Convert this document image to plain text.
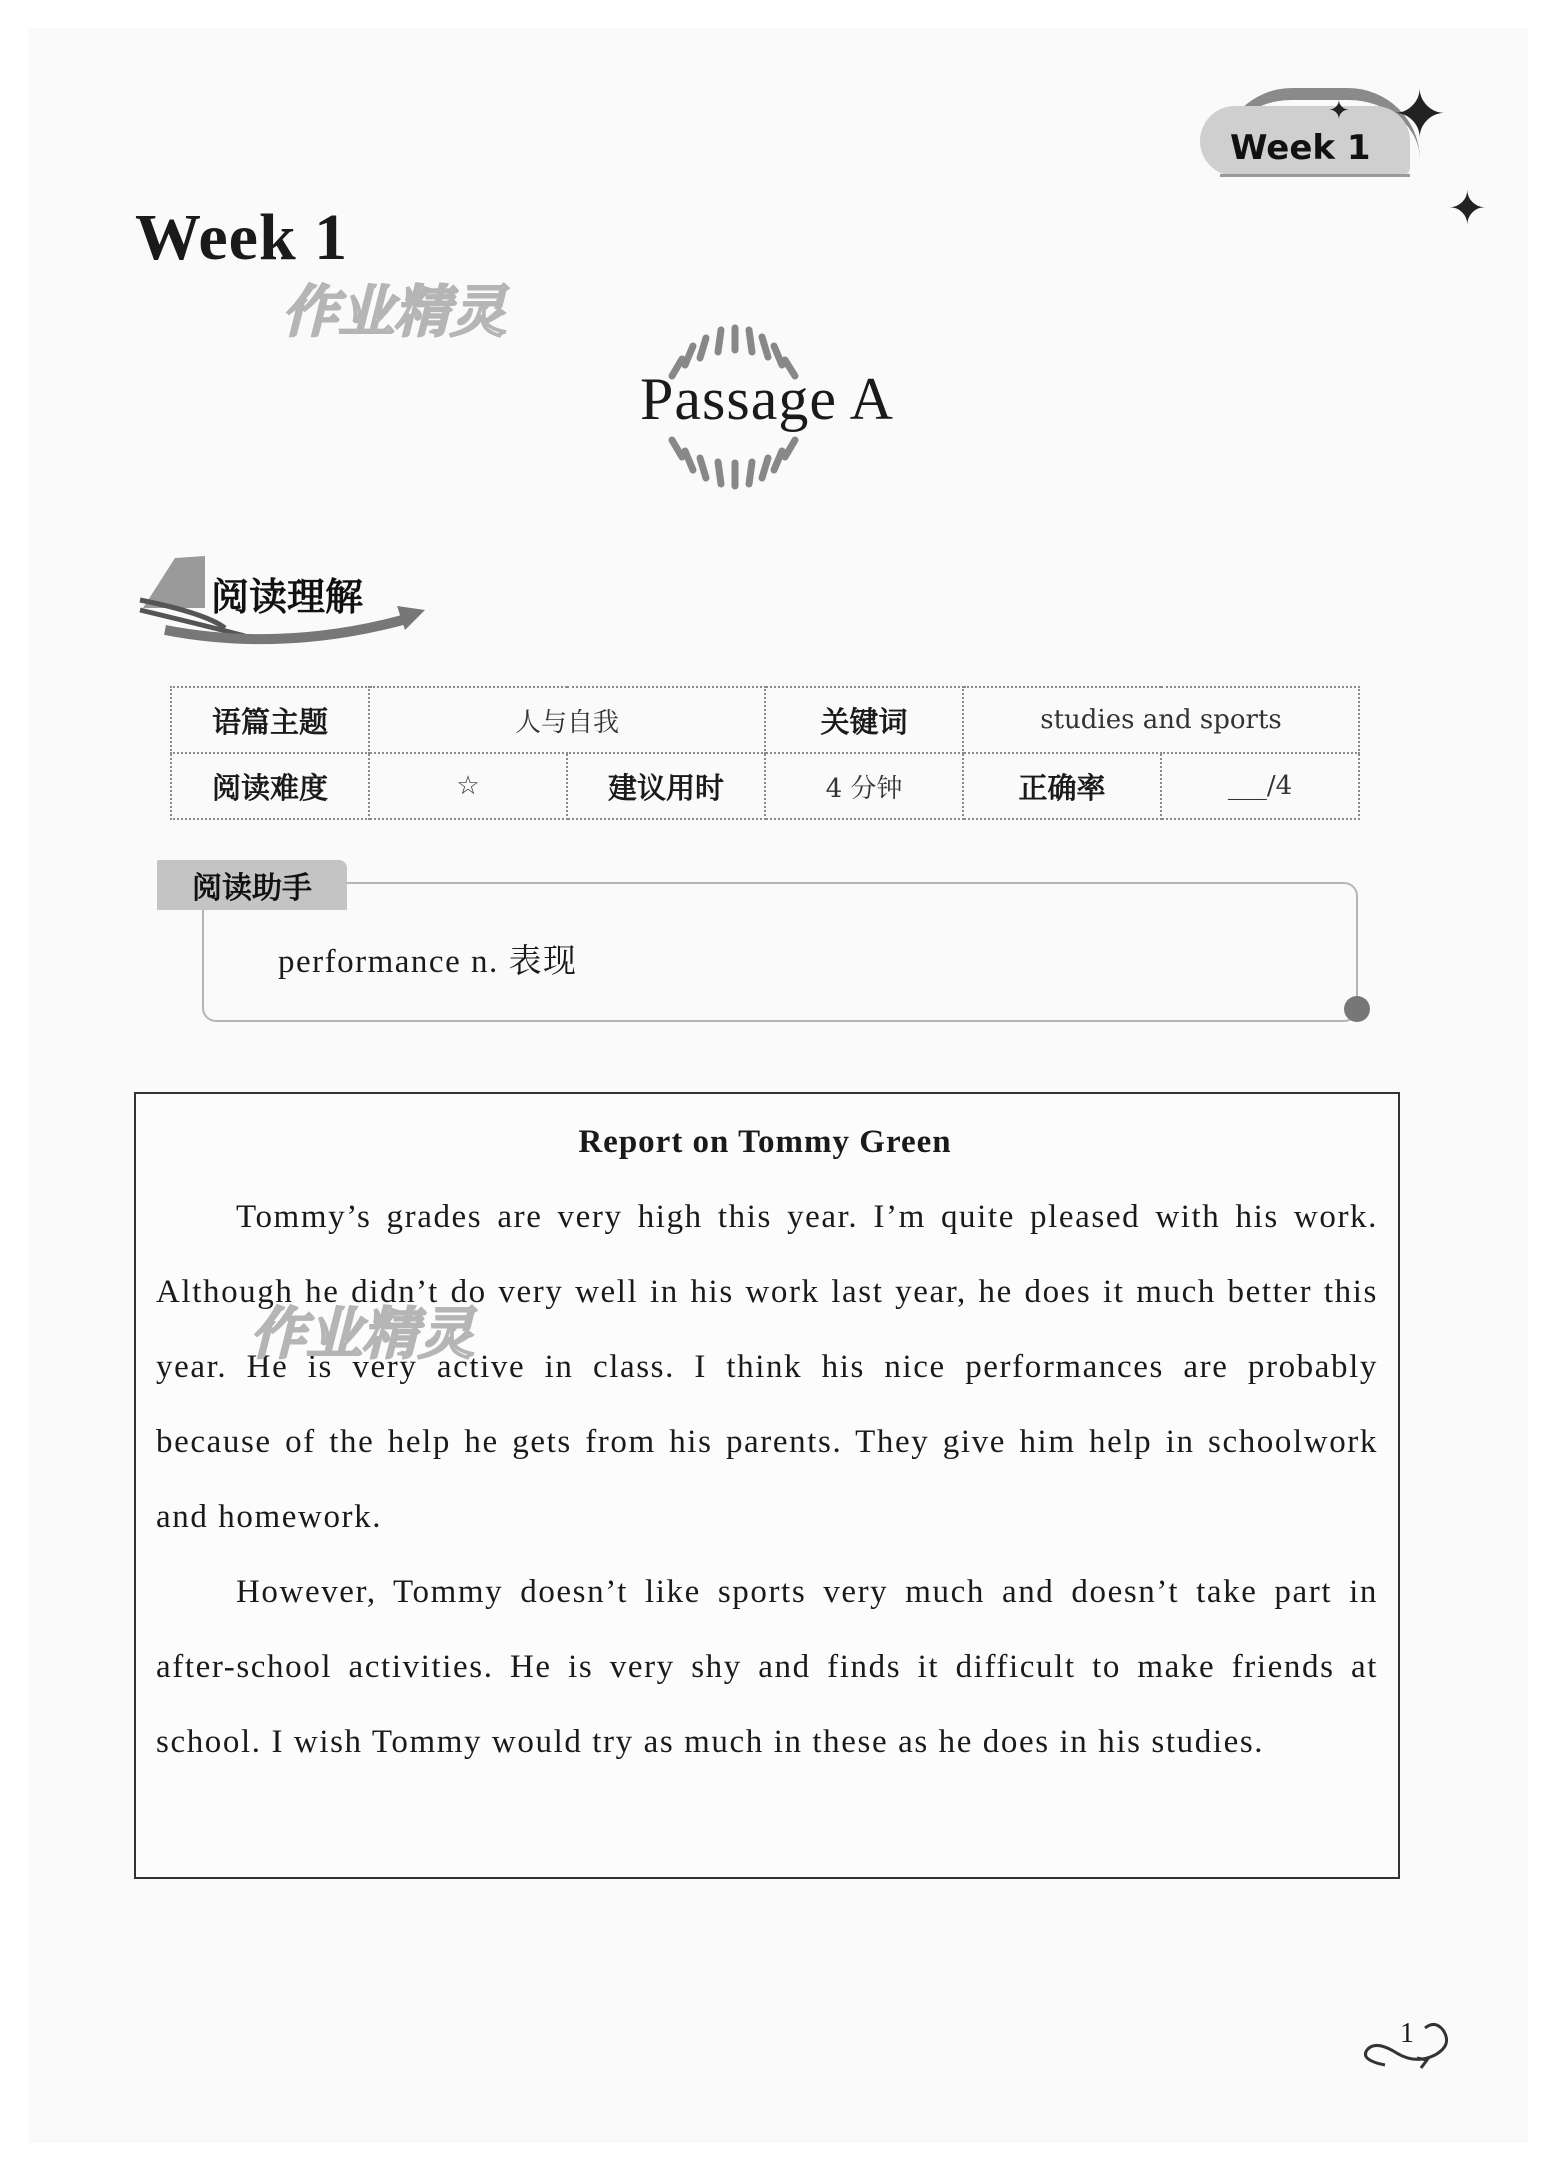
Week 1
✦ ✦
✦
Week 1
作业精灵
Passage A
阅读理解
语篇主题	人与自我		关键词	studies and sports	
阅读难度	☆	建议用时	4 分钟	正确率	___/4
阅读助手
performance n. 表现
Report on Tommy Green
Tommy’s grades are very high this year. I’m quite pleased with his work. Although he didn’t do very well in his work last year, he does it much better this year. He is very active in class. I think his nice performances are probably because of the help he gets from his parents. They give him help in schoolwork and homework.
However, Tommy doesn’t like sports very much and doesn’t take part in after-school activities. He is very shy and finds it difficult to make friends at school. I wish Tommy would try as much in these as he does in his studies.
作业精灵
1
